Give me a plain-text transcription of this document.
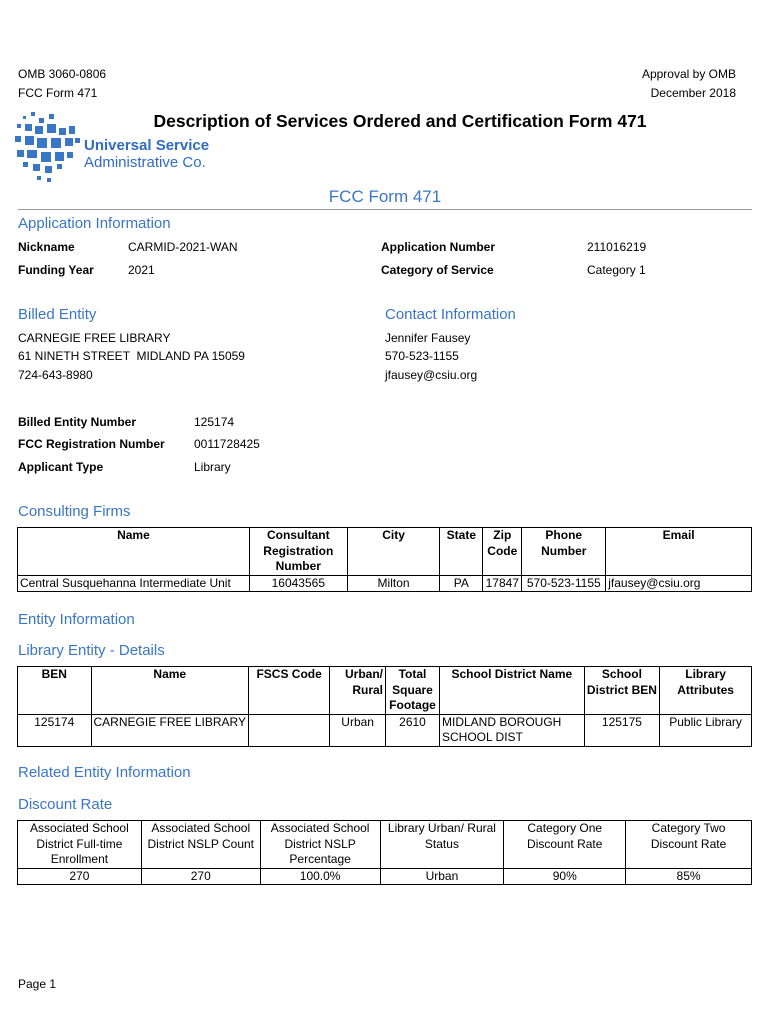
OMB 3060-0806
FCC Form 471
Approval by OMB
December 2018
Description of Services Ordered and Certification Form 471
Universal Service
Administrative Co.
FCC Form 471
Application Information
Nickname	CARMID-2021-WAN	Application Number	211016219
Funding Year	2021	Category of Service	Category 1
Billed Entity
CARNEGIE FREE LIBRARY
61 NINETH STREET  MIDLAND PA 15059
724-643-8980
Contact Information
Jennifer Fausey
570-523-1155
jfausey@csiu.org
Billed Entity Number	125174
FCC Registration Number 0011728425
Applicant Type	Library
Consulting Firms
Name	Consultant Registration Number	City	State	Zip Code	Phone Number	Email
Central Susquehanna Intermediate Unit	16043565	Milton	PA	17847	570-523-1155	jfausey@csiu.org
Entity Information
Library Entity - Details
BEN	Name	FSCS Code	Urban/ Rural	Total Square Footage	School District Name	School District BEN	Library Attributes
125174	CARNEGIE FREE LIBRARY		Urban	2610	MIDLAND BOROUGH SCHOOL DIST	125175	Public Library
Related Entity Information
Discount Rate
Associated School District Full-time Enrollment	Associated School District NSLP Count	Associated School District NSLP Percentage	Library Urban/ Rural Status	Category One Discount Rate	Category Two Discount Rate
270	270	100.0%	Urban	90%	85%
Page 1
